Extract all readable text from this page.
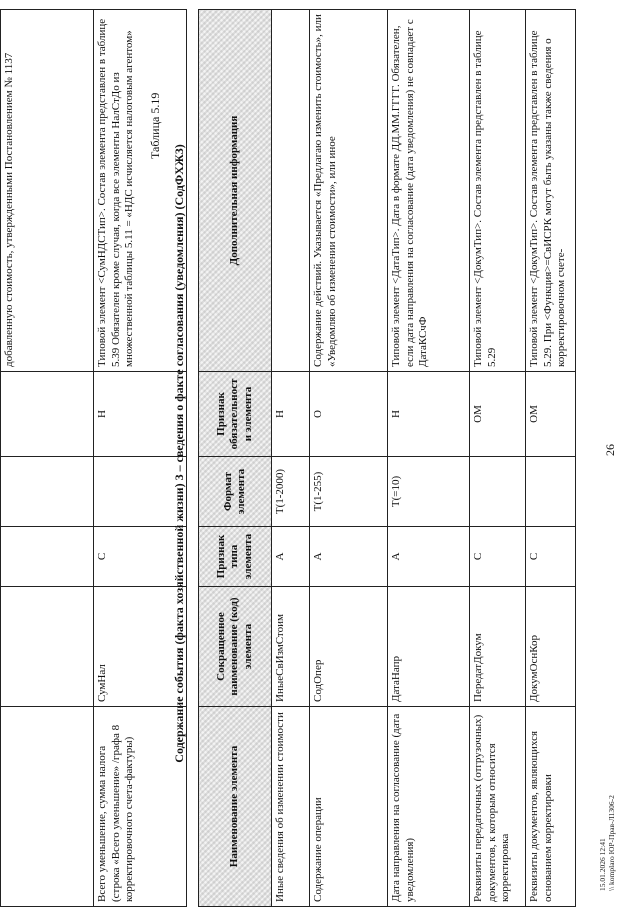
					добавленную стоимость, утвержденными Постановлением № 1137
Всего уменьшение, сумма налога (строка «Всего уменьшение» /графа 8 корректировочного счета-фактуры)	СумНал	С		Н	Типовой элемент <СумНДСТип>. Состав элемента представлен в таблице 5.39 Обязателен кроме случая, когда все элементы НалСтДо из множественной таблицы 5.11 = «НДС исчисляется налоговым агентом» Таблица 5.19
Содержание события (факта хозяйственной жизни) 3 – сведения о факте согласования (уведомления) (СодФХЖ3)
Наименование элемента	Сокращенное наименование (код) элемента	Признак типа элемента	Формат элемента	Признак обязательности элемента	Дополнительная информация
Иные сведения об изменении стоимости	ИныеСвИзмСтоим	А	T(1-2000)	Н	
Содержание операции	СодОпер	А	T(1-255)	О	Содержание действий. Указывается «Предлагаю изменить стоимость», или «Уведомляю об изменении стоимости», или иное
Дата направления на согласование (дата уведомления)	ДатаНапр	А	T(=10)	Н	Типовой элемент <ДатаТип>. Дата в формате ДД.ММ.ГГГГ. Обязателен, если дата направления на согласование (дата уведомления) не совпадает с ДатаКСчФ
Реквизиты передаточных (отгрузочных) документов, к которым относится корректировка	ПередатДокум	С		ОМ	Типовой элемент <ДокумТип>. Состав элемента представлен в таблице 5.29
Реквизиты документов, являющихся основанием корректировки	ДокумОснКор	С		ОМ	Типовой элемент <ДокумТип>. Состав элемента представлен в таблице 5.29. При <Функция>=СвИСРК могут быть указаны также сведения о корректировочном счете-
26
15.01.2026 12:41 \\ komplaro ЮР-Прав-Л1306-2
